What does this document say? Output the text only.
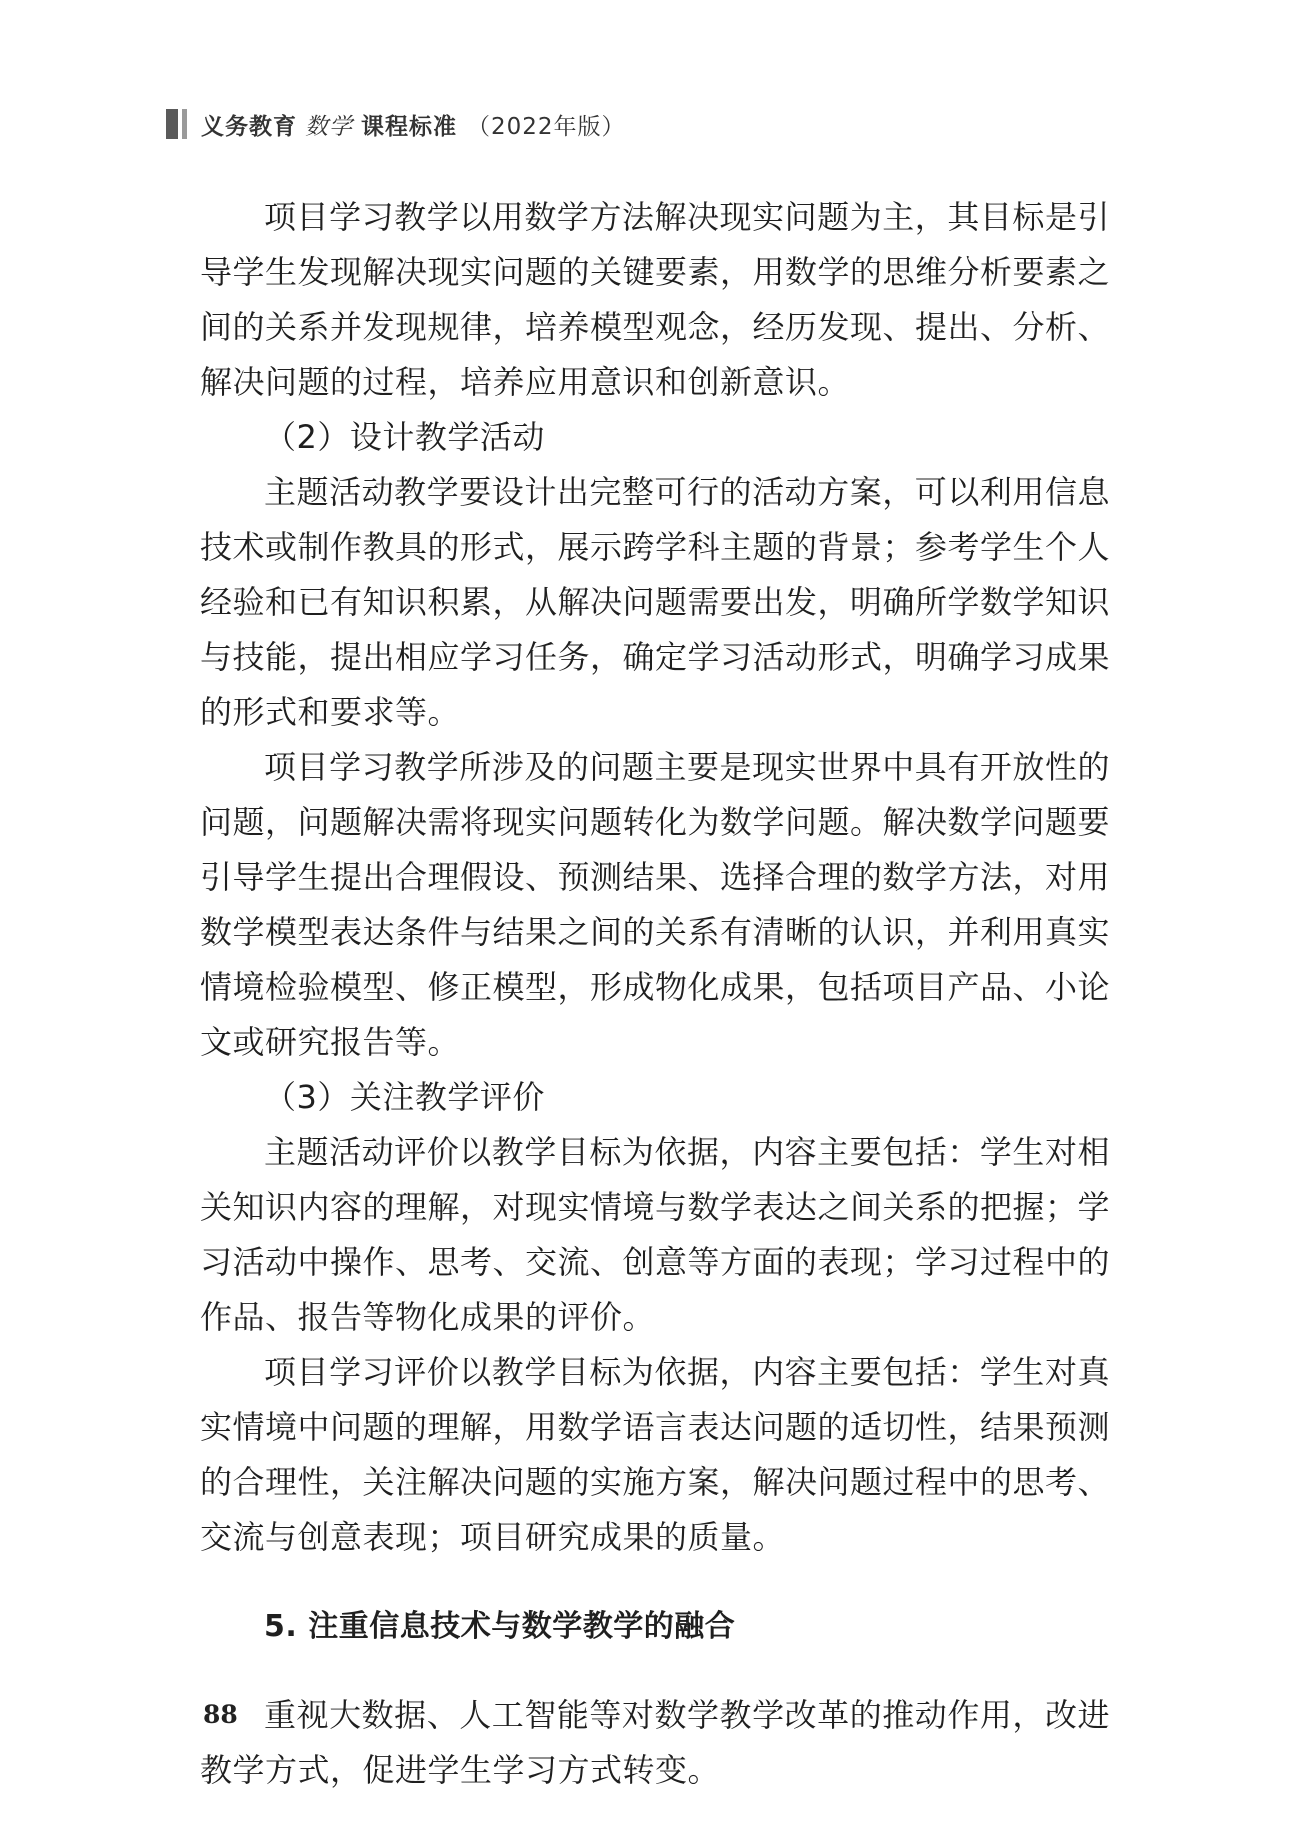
义务教育 数学 课程标准 （2022年版）

项目学习教学以用数学方法解决现实问题为主，其目标是引导学生发现解决现实问题的关键要素，用数学的思维分析要素之间的关系并发现规律，培养模型观念，经历发现、提出、分析、解决问题的过程，培养应用意识和创新意识。

（2）设计教学活动

主题活动教学要设计出完整可行的活动方案，可以利用信息技术或制作教具的形式，展示跨学科主题的背景；参考学生个人经验和已有知识积累，从解决问题需要出发，明确所学数学知识与技能，提出相应学习任务，确定学习活动形式，明确学习成果的形式和要求等。

项目学习教学所涉及的问题主要是现实世界中具有开放性的问题，问题解决需将现实问题转化为数学问题。解决数学问题要引导学生提出合理假设、预测结果、选择合理的数学方法，对用数学模型表达条件与结果之间的关系有清晰的认识，并利用真实情境检验模型、修正模型，形成物化成果，包括项目产品、小论文或研究报告等。

（3）关注教学评价

主题活动评价以教学目标为依据，内容主要包括：学生对相关知识内容的理解，对现实情境与数学表达之间关系的把握；学习活动中操作、思考、交流、创意等方面的表现；学习过程中的作品、报告等物化成果的评价。

项目学习评价以教学目标为依据，内容主要包括：学生对真实情境中问题的理解，用数学语言表达问题的适切性，结果预测的合理性，关注解决问题的实施方案，解决问题过程中的思考、交流与创意表现；项目研究成果的质量。

5. 注重信息技术与数学教学的融合

重视大数据、人工智能等对数学教学改革的推动作用，改进教学方式，促进学生学习方式转变。

88
